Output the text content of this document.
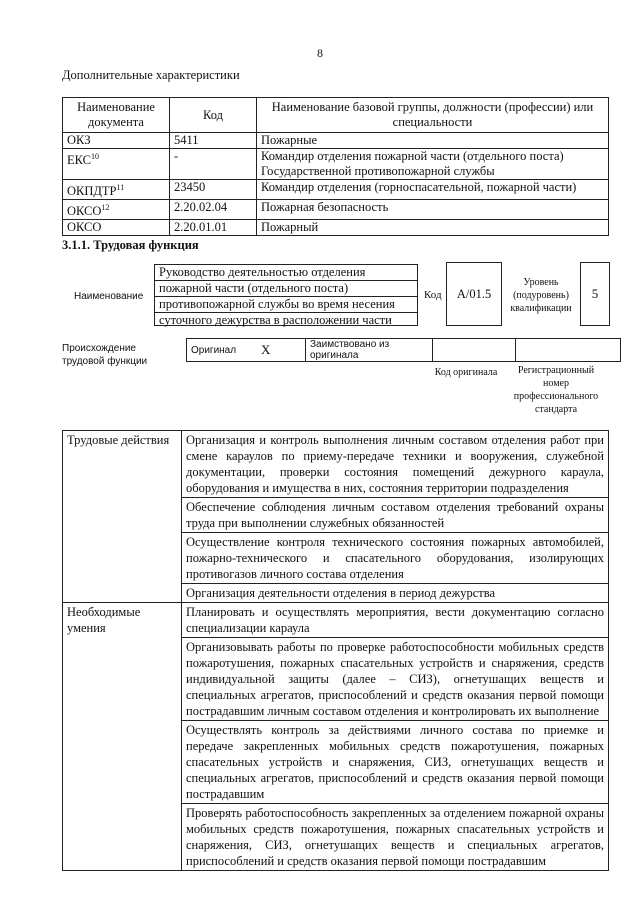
8
Дополнительные характеристики
Наименование документа	Код	Наименование базовой группы, должности (профессии) или специальности
ОКЗ	5411	Пожарные
ЕКС$^{10}$	-	Командир отделения пожарной части (отдельного поста) Государственной противопожарной службы
ОКПДТР$^{11}$	23450	Командир отделения (горноспасательной, пожарной части)
ОКСО$^{12}$	2.20.02.04	Пожарная безопасность
ОКСО	2.20.01.01	Пожарный
3.1.1. Трудовая функция
Наименование
Руководство деятельностью отделения
пожарной части (отдельного поста)
противопожарной службы во время несения
суточного дежурства в расположении части
Код A/01.5
Уровень (подуровень) квалификации
5
Происхождение трудовой функции
Оригинал	X	Заимствовано из оригинала		
Код оригинала	Регистрационный номер профессионального стандарта
Трудовые действия	Организация и контроль выполнения личным составом отделения работ при смене караулов по приему-передаче техники и вооружения, служебной документации, проверки состояния помещений дежурного караула, оборудования и имущества в них, состояния территории подразделения
	Обеспечение соблюдения личным составом отделения требований охраны труда при выполнении служебных обязанностей
	Осуществление контроля технического состояния пожарных автомобилей, пожарно-технического и спасательного оборудования, изолирующих противогазов личного состава отделения
	Организация деятельности отделения в период дежурства
Необходимые умения	Планировать и осуществлять мероприятия, вести документацию согласно специализации караула
	Организовывать работы по проверке работоспособности мобильных средств пожаротушения, пожарных спасательных устройств и снаряжения, средств индивидуальной защиты (далее – СИЗ), огнетушащих веществ и специальных агрегатов, приспособлений и средств оказания первой помощи пострадавшим личным составом отделения и контролировать их выполнение
	Осуществлять контроль за действиями личного состава по приемке и передаче закрепленных мобильных средств пожаротушения, пожарных спасательных устройств и снаряжения, СИЗ, огнетушащих веществ и специальных агрегатов, приспособлений и средств оказания первой помощи пострадавшим
	Проверять работоспособность закрепленных за отделением пожарной охраны мобильных средств пожаротушения, пожарных спасательных устройств и снаряжения, СИЗ, огнетушащих веществ и специальных агрегатов, приспособлений и средств оказания первой помощи пострадавшим
